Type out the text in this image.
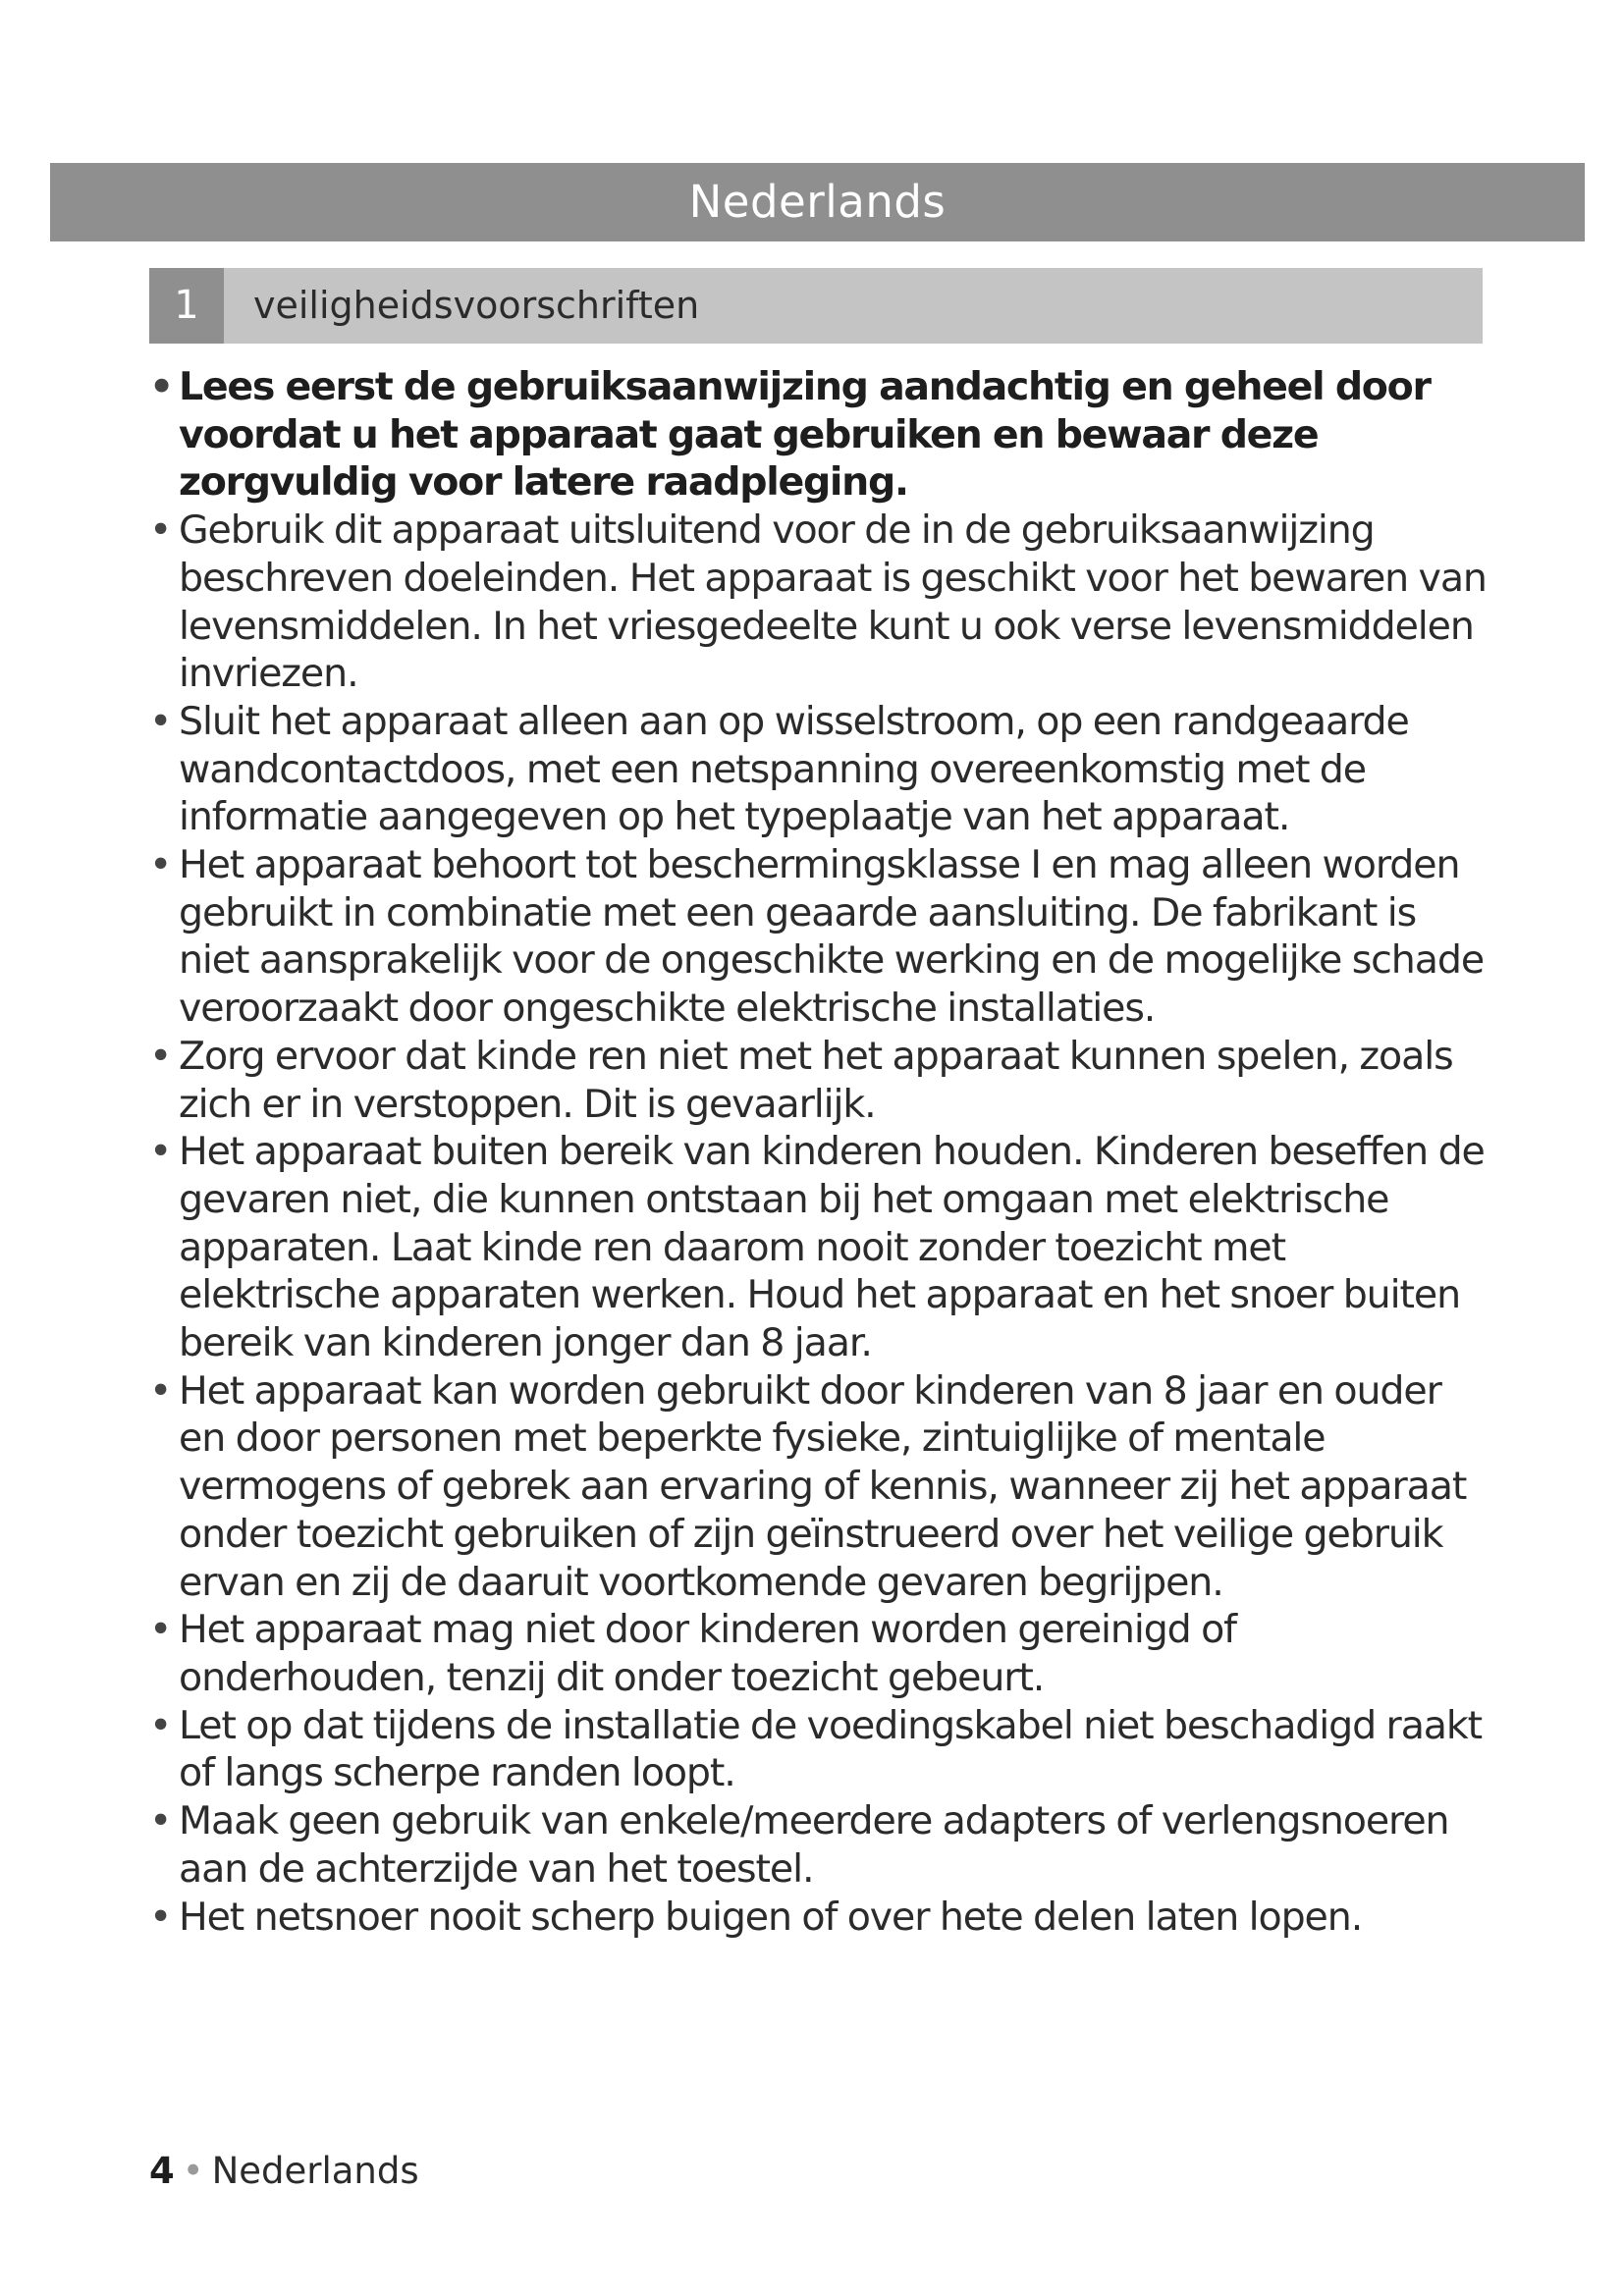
Nederlands
1	veiligheidsvoorschriften
• Lees eerst de gebruiksaanwijzing aandachtig en geheel door voordat u het apparaat gaat gebruiken en bewaar deze zorgvuldig voor latere raadpleging.
• Gebruik dit apparaat uitsluitend voor de in de gebruiksaanwijzing beschreven doeleinden. Het apparaat is geschikt voor het bewaren van levensmiddelen. In het vriesgedeelte kunt u ook verse levensmiddelen invriezen.
• Sluit het apparaat alleen aan op wisselstroom, op een randgeaarde wandcontactdoos, met een netspanning overeenkomstig met de informatie aangegeven op het typeplaatje van het apparaat.
• Het apparaat behoort tot beschermingsklasse I en mag alleen worden gebruikt in combinatie met een geaarde aansluiting. De fabrikant is niet aansprakelijk voor de ongeschikte werking en de mogelijke schade veroorzaakt door ongeschikte elektrische installaties.
• Zorg ervoor dat kinde ren niet met het apparaat kunnen spelen, zoals zich er in verstoppen. Dit is gevaarlijk.
• Het apparaat buiten bereik van kinderen houden. Kinderen beseffen de gevaren niet, die kunnen ontstaan bij het omgaan met elektrische apparaten. Laat kinde ren daarom nooit zonder toezicht met elektrische apparaten werken. Houd het apparaat en het snoer buiten bereik van kinderen jonger dan 8 jaar.
• Het apparaat kan worden gebruikt door kinderen van 8 jaar en ouder en door personen met beperkte fysieke, zintuiglijke of mentale vermogens of gebrek aan ervaring of kennis, wanneer zij het apparaat onder toezicht gebruiken of zijn geïnstrueerd over het veilige gebruik ervan en zij de daaruit voortkomende gevaren begrijpen.
• Het apparaat mag niet door kinderen worden gereinigd of onderhouden, tenzij dit onder toezicht gebeurt.
• Let op dat tijdens de installatie de voedingskabel niet beschadigd raakt of langs scherpe randen loopt.
• Maak geen gebruik van enkele/meerdere adapters of verlengsnoeren aan de achterzijde van het toestel.
• Het netsnoer nooit scherp buigen of over hete delen laten lopen.
4 • Nederlands
